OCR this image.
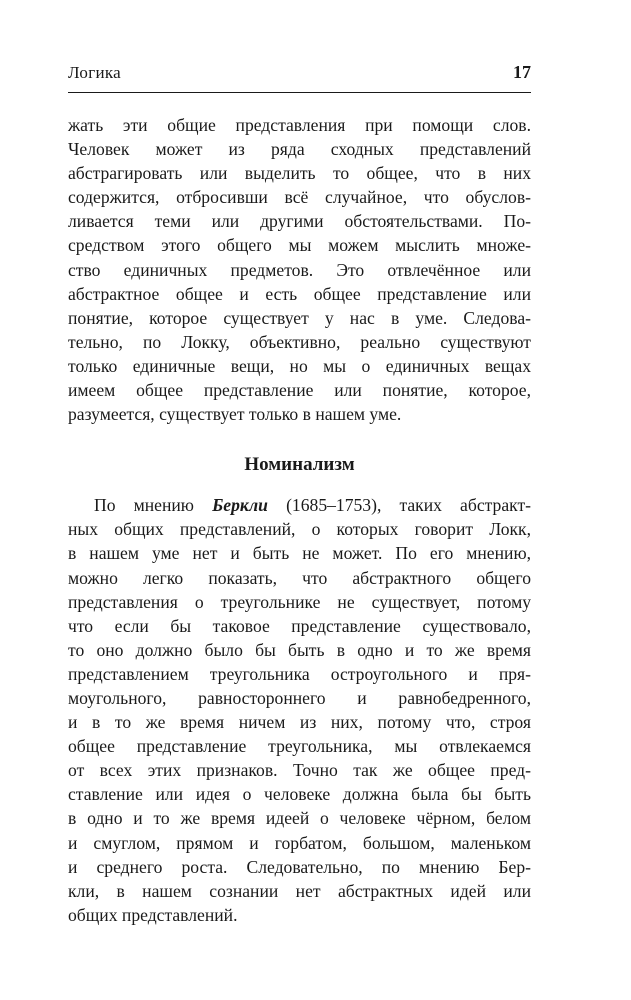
Логика	17
жать эти общие представления при помощи слов.
Человек может из ряда сходных представлений
абстрагировать или выделить то общее, что в них
содержится, отбросивши всё случайное, что обуслов-
ливается теми или другими обстоятельствами. По-
средством этого общего мы можем мыслить множе-
ство единичных предметов. Это отвлечённое или
абстрактное общее и есть общее представление или
понятие, которое существует у нас в уме. Следова-
тельно, по Локку, объективно, реально существуют
только единичные вещи, но мы о единичных вещах
имеем общее представление или понятие, которое,
разумеется, существует только в нашем уме.
Номинализм
По мнению Беркли (1685–1753), таких абстракт-
ных общих представлений, о которых говорит Локк,
в нашем уме нет и быть не может. По его мнению,
можно легко показать, что абстрактного общего
представления о треугольнике не существует, потому
что если бы таковое представление существовало,
то оно должно было бы быть в одно и то же время
представлением треугольника остроугольного и пря-
моугольного, равностороннего и равнобедренного,
и в то же время ничем из них, потому что, строя
общее представление треугольника, мы отвлекаемся
от всех этих признаков. Точно так же общее пред-
ставление или идея о человеке должна была бы быть
в одно и то же время идеей о человеке чёрном, белом
и смуглом, прямом и горбатом, большом, маленьком
и среднего роста. Следовательно, по мнению Бер-
кли, в нашем сознании нет абстрактных идей или
общих представлений.
